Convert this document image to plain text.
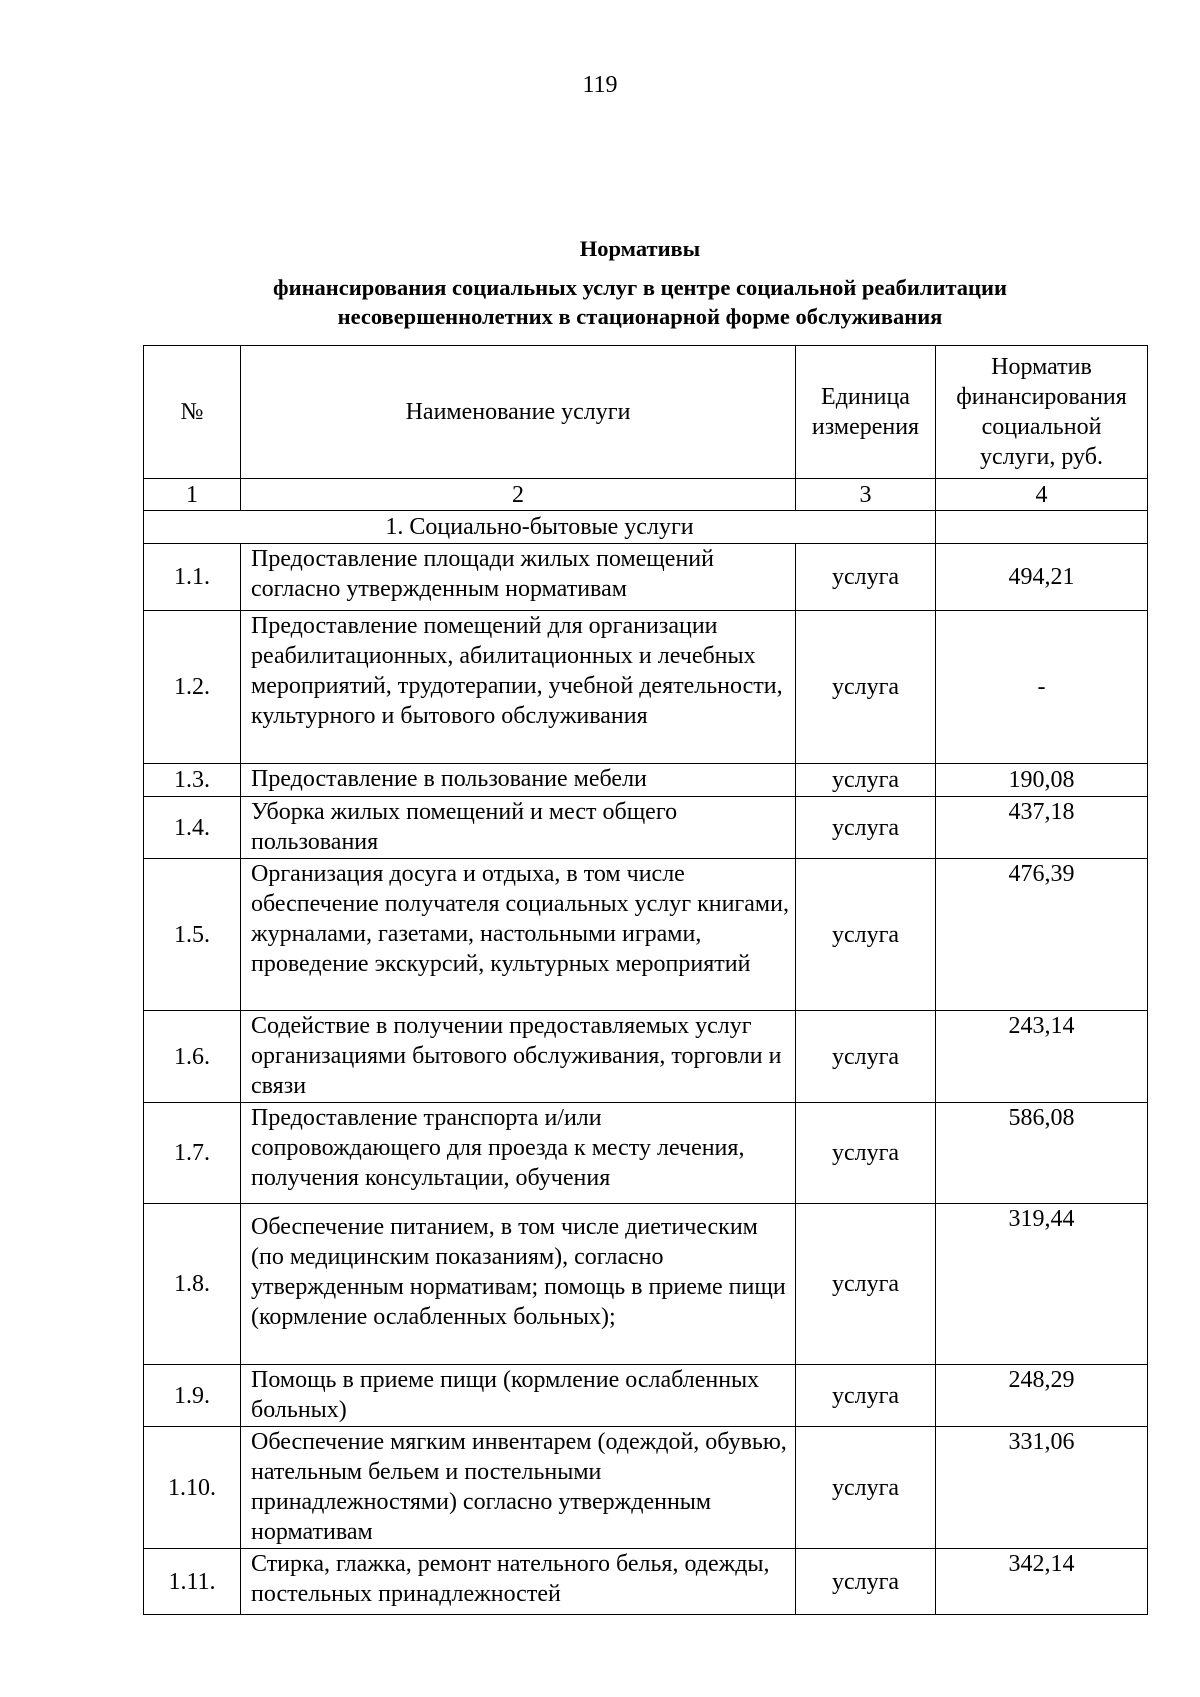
119
Нормативы
финансирования социальных услуг в центре социальной реабилитации
несовершеннолетних в стационарной форме обслуживания
№	Наименование услуги	Единица измерения	Норматив финансирования социальной услуги, руб.
1	2	3	4
1. Социально-бытовые услуги			
1.1.	Предоставление площади жилых помещений согласно утвержденным нормативам	услуга	494,21
1.2.	Предоставление помещений для организации реабилитационных, абилитационных и лечебных мероприятий, трудотерапии, учебной деятельности, культурного и бытового обслуживания	услуга	-
1.3.	Предоставление в пользование мебели	услуга	190,08
1.4.	Уборка жилых помещений и мест общего пользования	услуга	437,18
1.5.	Организация досуга и отдыха, в том числе обеспечение получателя социальных услуг книгами, журналами, газетами, настольными играми, проведение экскурсий, культурных мероприятий	услуга	476,39
1.6.	Содействие в получении предоставляемых услуг организациями бытового обслуживания, торговли и связи	услуга	243,14
1.7.	Предоставление транспорта и/или сопровождающего для проезда к месту лечения, получения консультации, обучения	услуга	586,08
1.8.	Обеспечение питанием, в том числе диетическим (по медицинским показаниям), согласно утвержденным нормативам; помощь в приеме пищи (кормление ослабленных больных);	услуга	319,44
1.9.	Помощь в приеме пищи (кормление ослабленных больных)	услуга	248,29
1.10.	Обеспечение мягким инвентарем (одеждой, обувью, нательным бельем и постельными принадлежностями) согласно утвержденным нормативам	услуга	331,06
1.11.	Стирка, глажка, ремонт нательного белья, одежды, постельных принадлежностей	услуга	342,14
